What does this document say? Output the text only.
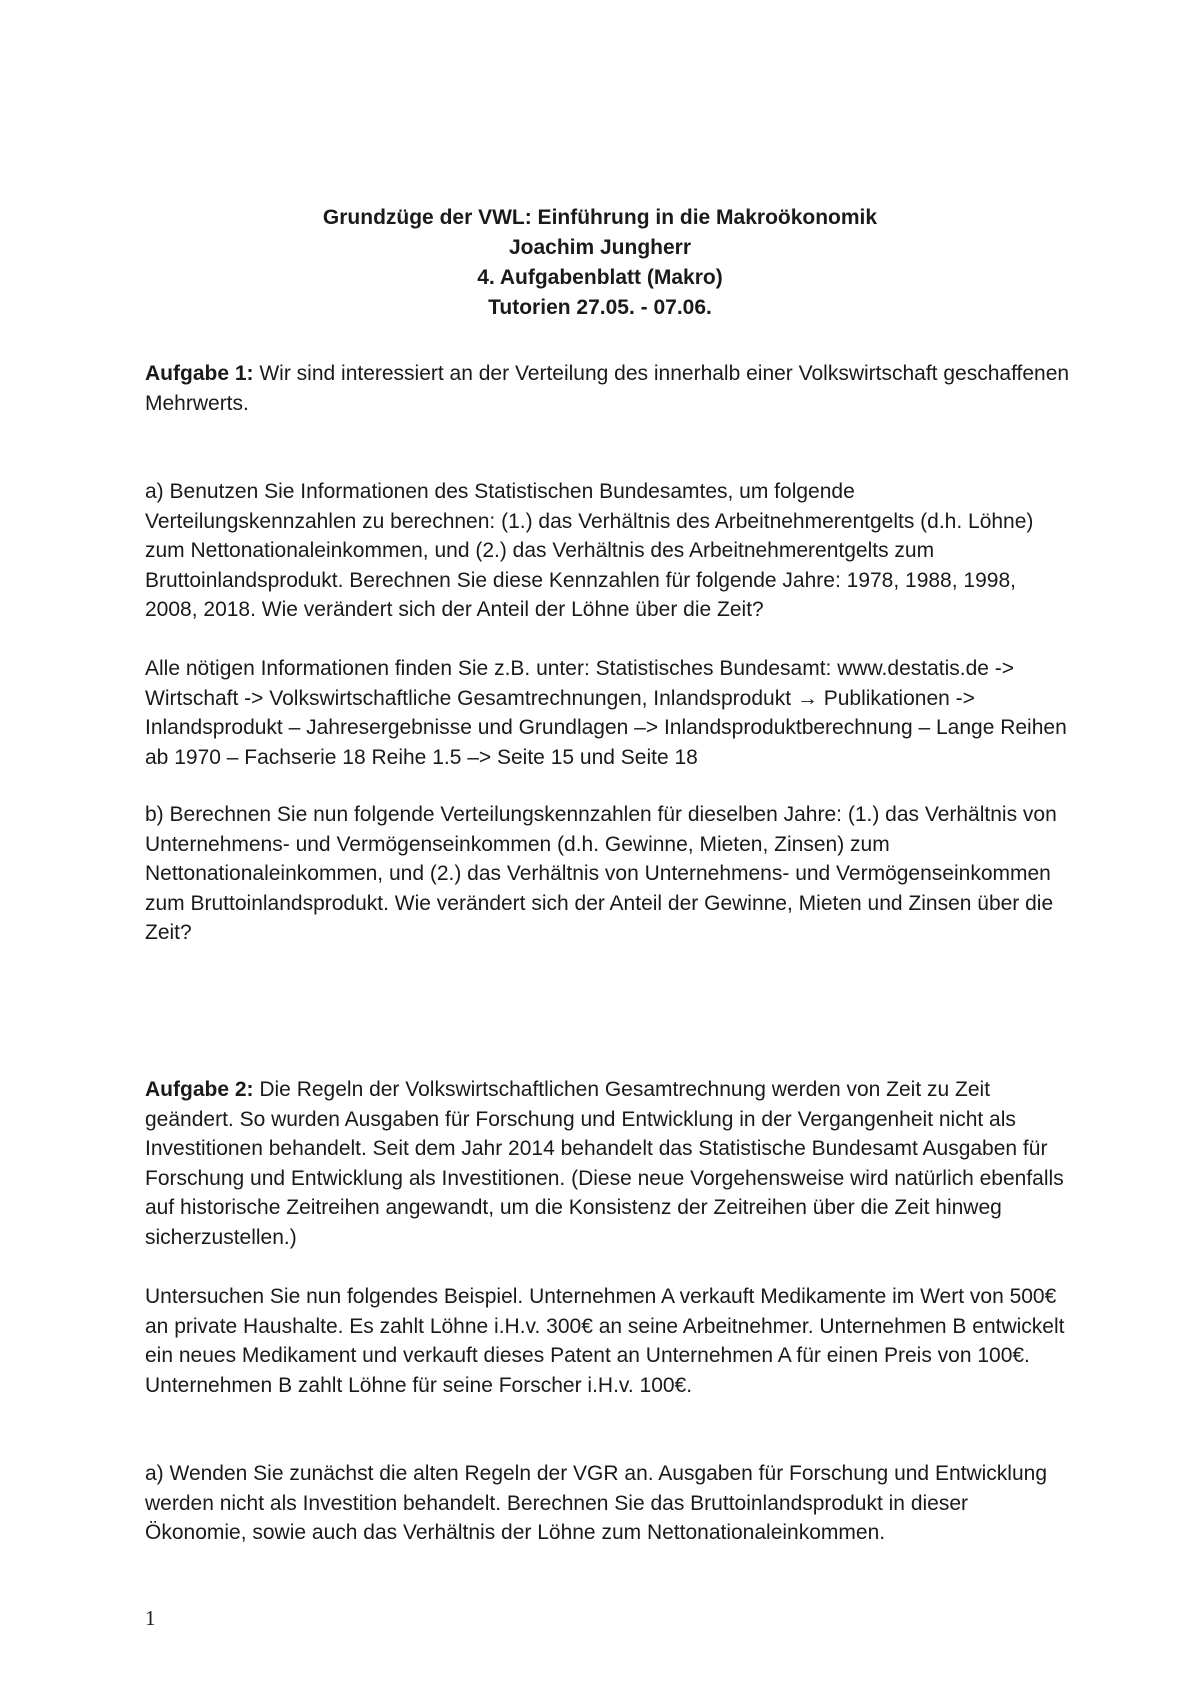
Grundzüge der VWL: Einführung in die Makroökonomik
Joachim Jungherr
4. Aufgabenblatt (Makro)
Tutorien 27.05. - 07.06.

Aufgabe 1: Wir sind interessiert an der Verteilung des innerhalb einer Volkswirtschaft geschaffenen Mehrwerts.

a) Benutzen Sie Informationen des Statistischen Bundesamtes, um folgende Verteilungskennzahlen zu berechnen: (1.) das Verhältnis des Arbeitnehmerentgelts (d.h. Löhne) zum Nettonationaleinkommen, und (2.) das Verhältnis des Arbeitnehmerentgelts zum Bruttoinlandsprodukt. Berechnen Sie diese Kennzahlen für folgende Jahre: 1978, 1988, 1998, 2008, 2018. Wie verändert sich der Anteil der Löhne über die Zeit?

Alle nötigen Informationen finden Sie z.B. unter: Statistisches Bundesamt: www.destatis.de -> Wirtschaft -> Volkswirtschaftliche Gesamtrechnungen, Inlandsprodukt → Publikationen -> Inlandsprodukt – Jahresergebnisse und Grundlagen –> Inlandsproduktberechnung – Lange Reihen ab 1970 – Fachserie 18 Reihe 1.5 –> Seite 15 und Seite 18

b) Berechnen Sie nun folgende Verteilungskennzahlen für dieselben Jahre: (1.) das Verhältnis von Unternehmens- und Vermögenseinkommen (d.h. Gewinne, Mieten, Zinsen) zum Nettonationaleinkommen, und (2.) das Verhältnis von Unternehmens- und Vermögenseinkommen zum Bruttoinlandsprodukt. Wie verändert sich der Anteil der Gewinne, Mieten und Zinsen über die Zeit?

Aufgabe 2: Die Regeln der Volkswirtschaftlichen Gesamtrechnung werden von Zeit zu Zeit geändert. So wurden Ausgaben für Forschung und Entwicklung in der Vergangenheit nicht als Investitionen behandelt. Seit dem Jahr 2014 behandelt das Statistische Bundesamt Ausgaben für Forschung und Entwicklung als Investitionen. (Diese neue Vorgehensweise wird natürlich ebenfalls auf historische Zeitreihen angewandt, um die Konsistenz der Zeitreihen über die Zeit hinweg sicherzustellen.)

Untersuchen Sie nun folgendes Beispiel. Unternehmen A verkauft Medikamente im Wert von 500€ an private Haushalte. Es zahlt Löhne i.H.v. 300€ an seine Arbeitnehmer. Unternehmen B entwickelt ein neues Medikament und verkauft dieses Patent an Unternehmen A für einen Preis von 100€. Unternehmen B zahlt Löhne für seine Forscher i.H.v. 100€.

a) Wenden Sie zunächst die alten Regeln der VGR an. Ausgaben für Forschung und Entwicklung werden nicht als Investition behandelt. Berechnen Sie das Bruttoinlandsprodukt in dieser Ökonomie, sowie auch das Verhältnis der Löhne zum Nettonationaleinkommen.

1
